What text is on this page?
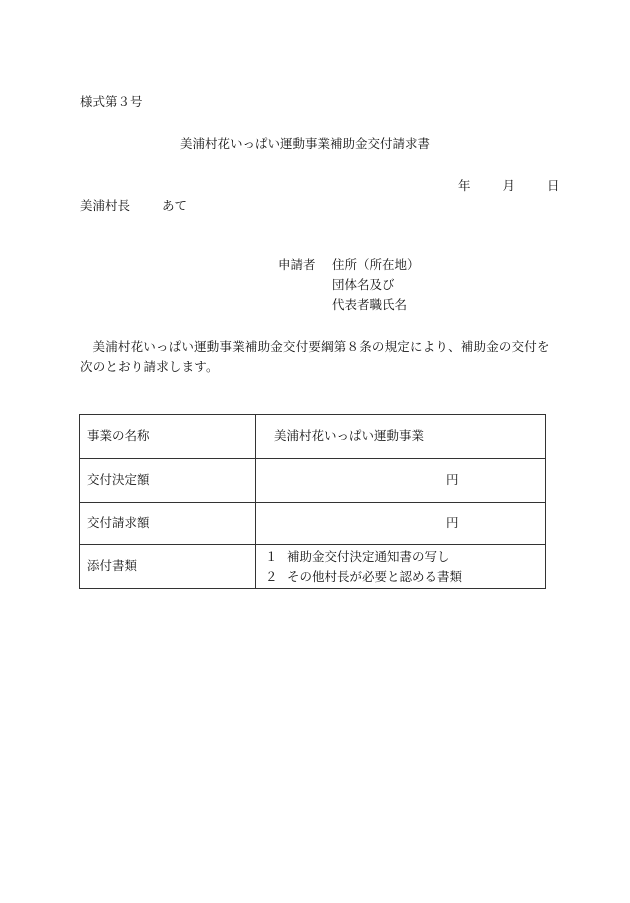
様式第３号
美浦村花いっぱい運動事業補助金交付請求書
年	月	日
美浦村長	あて
申請者 住所（所在地）
団体名及び
代表者職氏名
美浦村花いっぱい運動事業補助金交付要綱第８条の規定により、補助金の交付を次のとおり請求します。
事業の名称	美浦村花いっぱい運動事業
交付決定額	円
交付請求額	円
添付書類	１ 補助金交付決定通知書の写し
２ その他村長が必要と認める書類
